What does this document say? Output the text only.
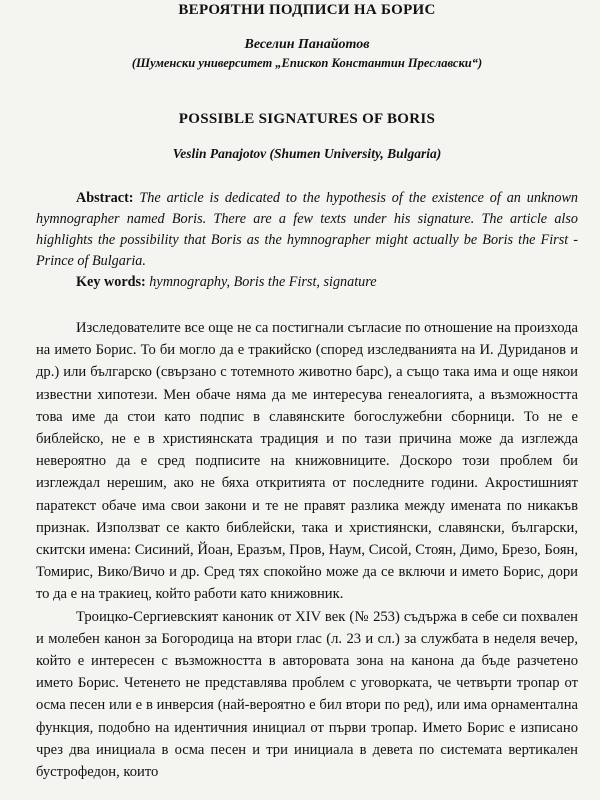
ВЕРОЯТНИ ПОДПИСИ НА БОРИС

Веселин Панайотов

(Шуменски университет „Епископ Константин Преславски“)

POSSIBLE SIGNATURES OF BORIS

Veslin Panajotov (Shumen University, Bulgaria)

Abstract: The article is dedicated to the hypothesis of the existence of an unknown hymnographer named Boris. There are a few texts under his signature. The article also highlights the possibility that Boris as the hymnographer might actually be Boris the First - Prince of Bulgaria.

Key words: hymnography, Boris the First, signature

Изследователите все още не са постигнали съгласие по отношение на произхода на името Борис. То би могло да е тракийско (според изследванията на И. Дуриданов и др.) или българско (свързано с тотемното животно барс), а също така има и още някои известни хипотези. Мен обаче няма да ме интересува генеалогията, а възможността това име да стои като подпис в славянските богослужебни сборници. То не е библейско, не е в християнската традиция и по тази причина може да изглежда невероятно да е сред подписите на книжовниците. Доскоро този проблем би изглеждал нерешим, ако не бяха откритията от последните години. Акростишният паратекст обаче има свои закони и те не правят разлика между имената по никакъв признак. Използват се както библейски, така и християнски, славянски, български, скитски имена: Сисиний, Йоан, Еразъм, Пров, Наум, Сисой, Стоян, Димо, Брезо, Боян, Томирис, Вико/Вичо и др. Сред тях спокойно може да се включи и името Борис, дори то да е на тракиец, който работи като книжовник.

Троицко-Сергиевският каноник от XIV век (№ 253) съдържа в себе си похвален и молебен канон за Богородица на втори глас (л. 23 и сл.) за службата в неделя вечер, който е интересен с възможността в авторовата зона на канона да бъде разчетено името Борис. Четенето не представлява проблем с уговорката, че четвърти тропар от осма песен или е в инверсия (най-вероятно е бил втори по ред), или има орнаментална функция, подобно на идентичния инициал от първи тропар. Името Борис е изписано чрез два инициала в осма песен и три инициала в девета по системата вертикален бустрофедон, които
